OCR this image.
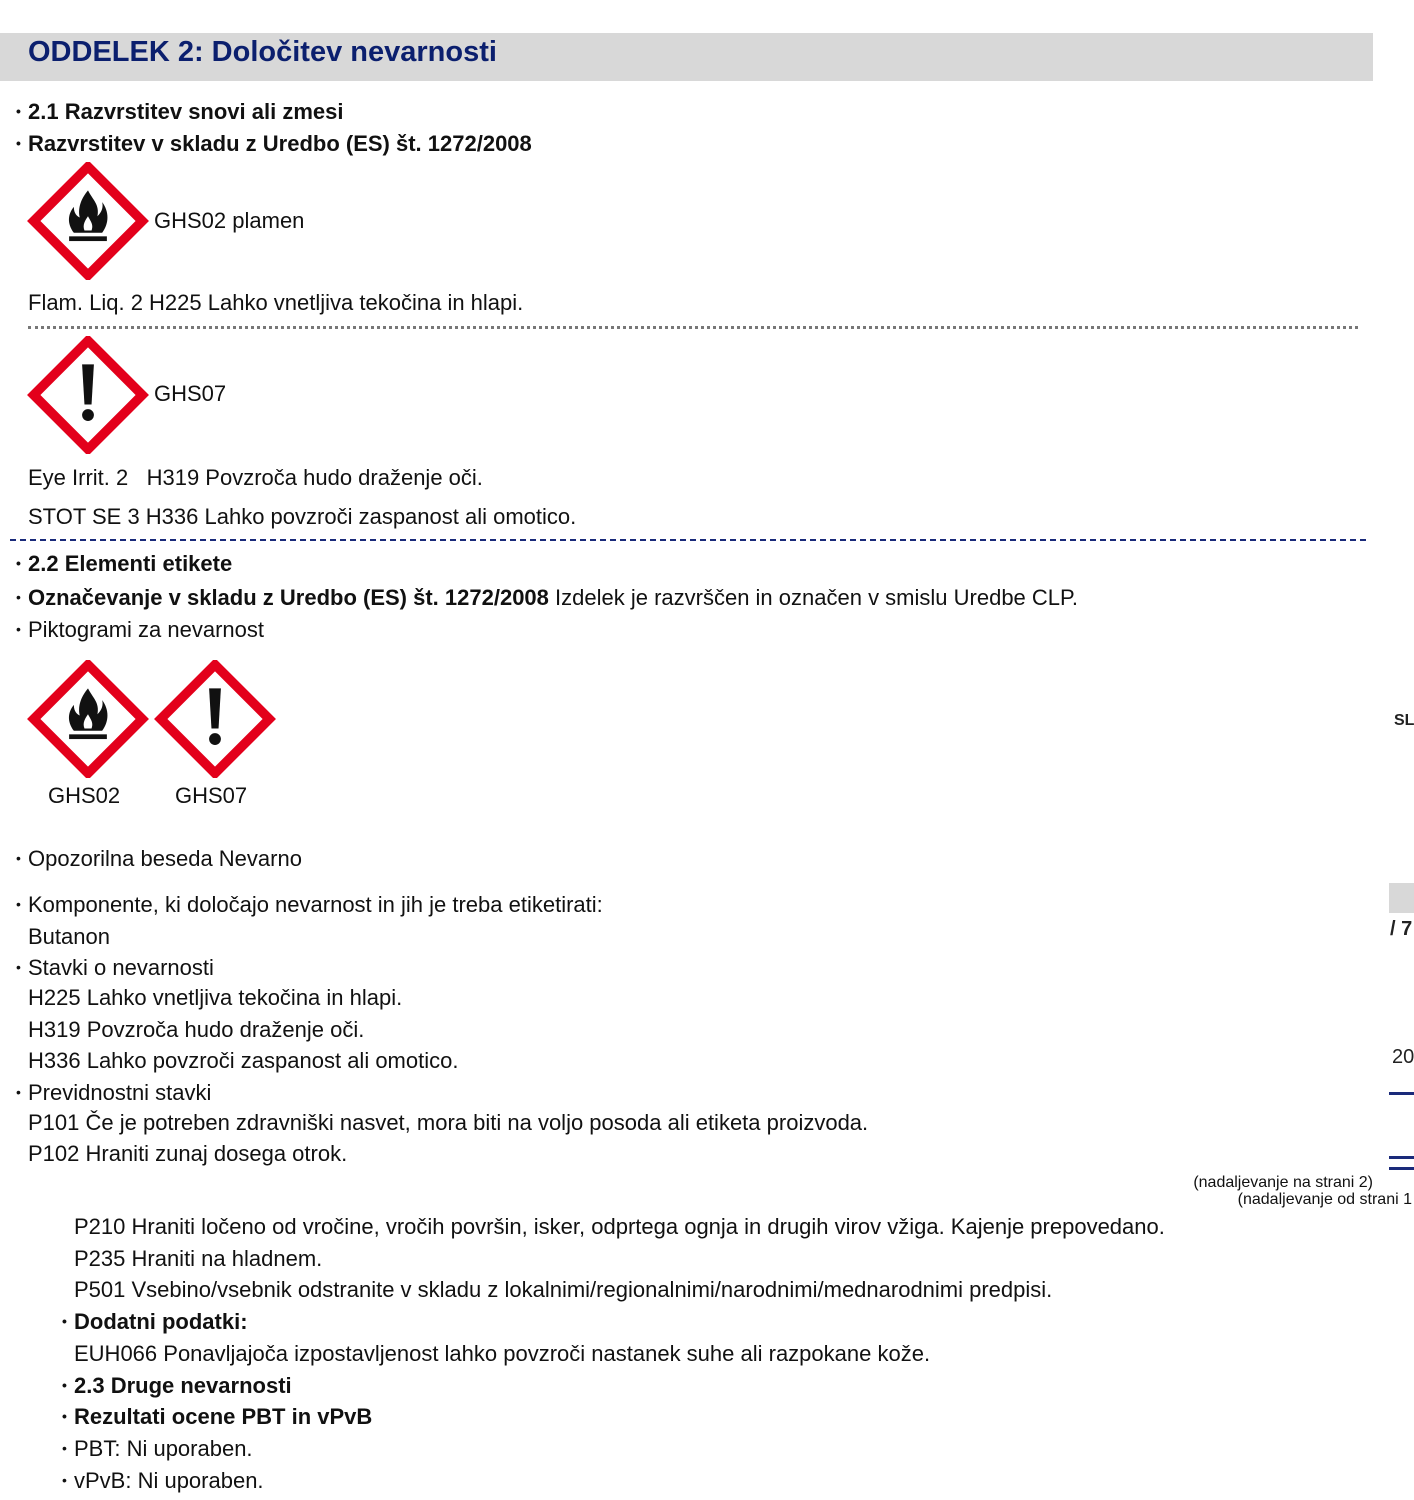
ODDELEK 2: Določitev nevarnosti
• 2.1 Razvrstitev snovi ali zmesi
• Razvrstitev v skladu z Uredbo (ES) št. 1272/2008
GHS02 plamen
Flam. Liq. 2 H225 Lahko vnetljiva tekočina in hlapi.
GHS07
Eye Irrit. 2   H319 Povzroča hudo draženje oči.
STOT SE 3 H336 Lahko povzroči zaspanost ali omotico.
• 2.2 Elementi etikete
• Označevanje v skladu z Uredbo (ES) št. 1272/2008 Izdelek je razvrščen in označen v smislu Uredbe CLP.
• Piktogrami za nevarnost
GHS02 GHS07
• Opozorilna beseda Nevarno
• Komponente, ki določajo nevarnost in jih je treba etiketirati:
Butanon
• Stavki o nevarnosti
H225 Lahko vnetljiva tekočina in hlapi.
H319 Povzroča hudo draženje oči.
H336 Lahko povzroči zaspanost ali omotico.
• Previdnostni stavki
P101 Če je potreben zdravniški nasvet, mora biti na voljo posoda ali etiketa proizvoda.
P102 Hraniti zunaj dosega otrok.
(nadaljevanje na strani 2)
(nadaljevanje od strani 1
P210 Hraniti ločeno od vročine, vročih površin, isker, odprtega ognja in drugih virov vžiga. Kajenje prepovedano.
P235 Hraniti na hladnem.
P501 Vsebino/vsebnik odstranite v skladu z lokalnimi/regionalnimi/narodnimi/mednarodnimi predpisi.
• Dodatni podatki:
EUH066 Ponavljajoča izpostavljenost lahko povzroči nastanek suhe ali razpokane kože.
• 2.3 Druge nevarnosti
• Rezultati ocene PBT in vPvB
• PBT: Ni uporaben.
• vPvB: Ni uporaben.
SL
/ 7
20
